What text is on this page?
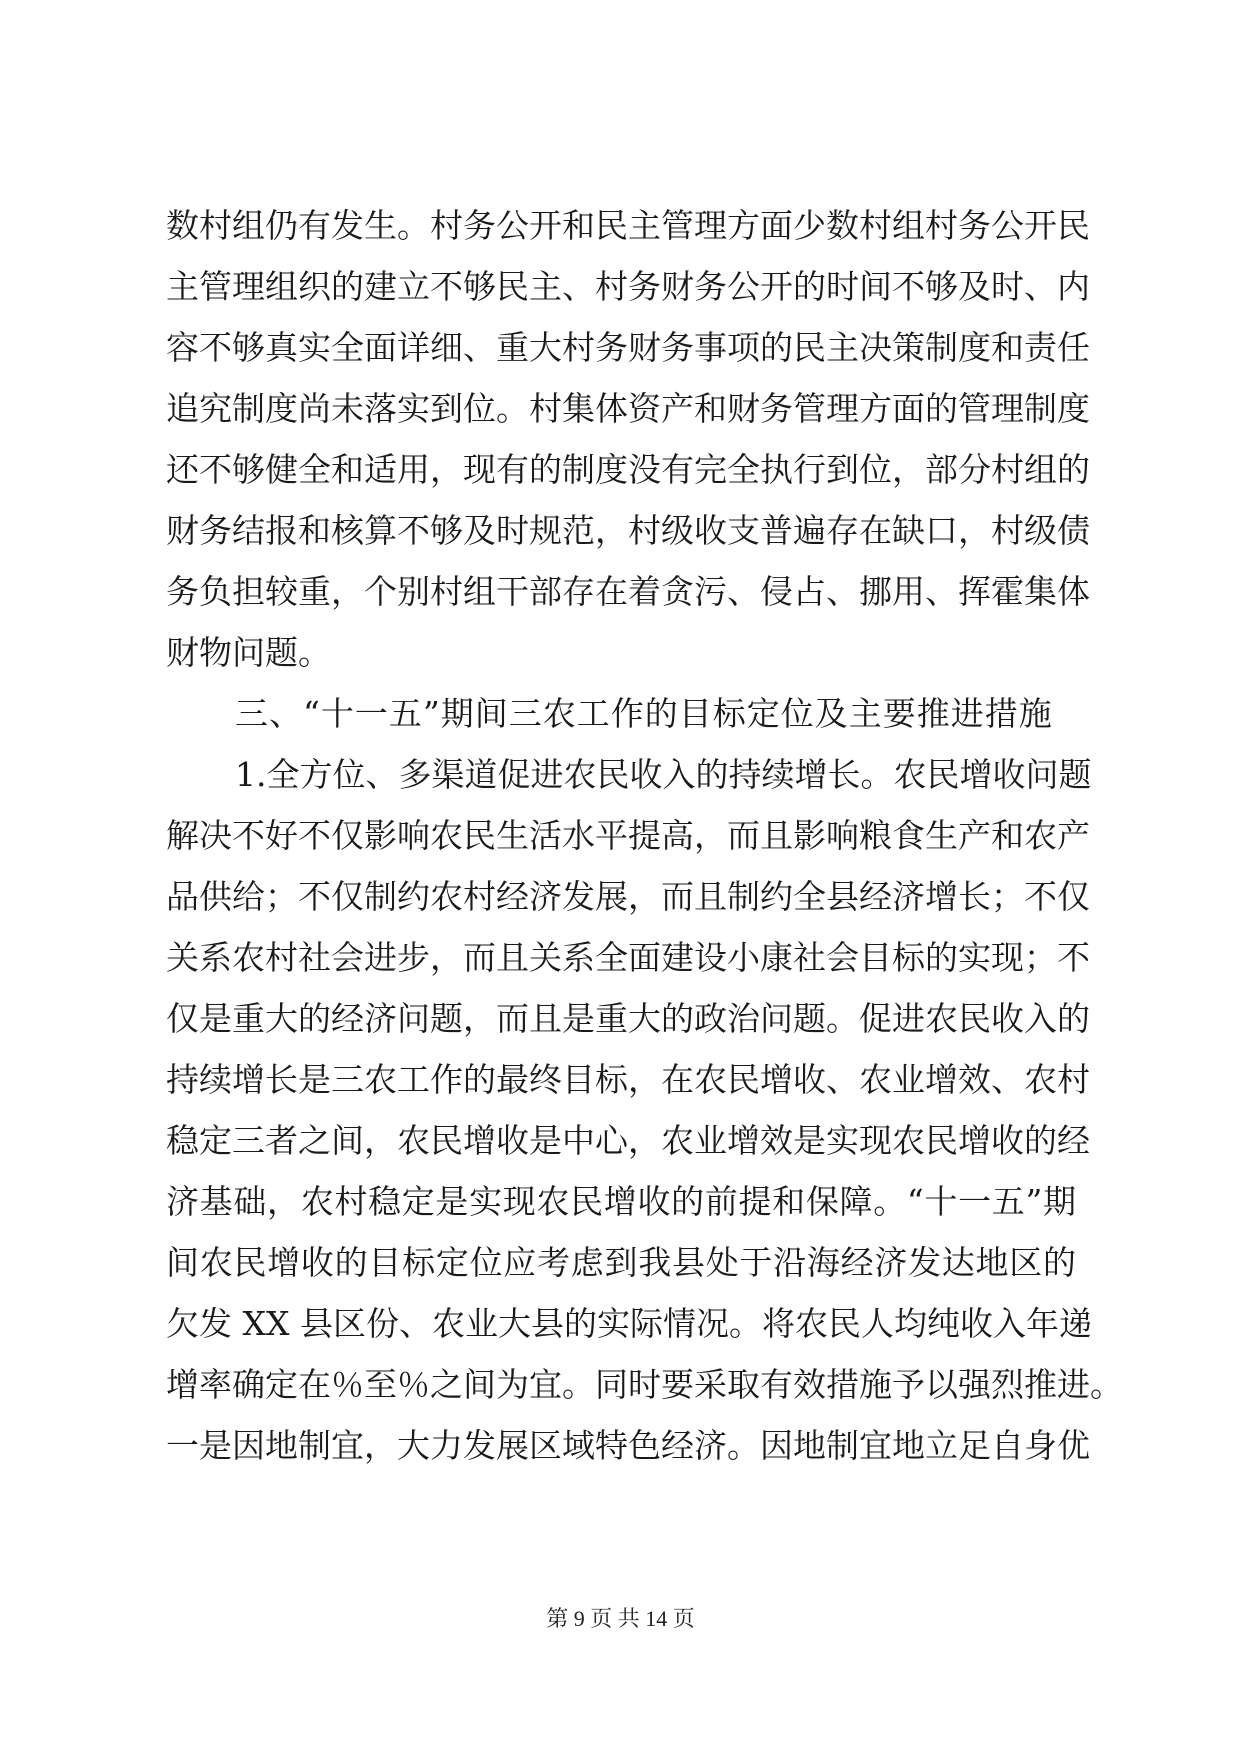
数村组仍有发生。村务公开和民主管理方面少数村组村务公开民
主管理组织的建立不够民主、村务财务公开的时间不够及时、内
容不够真实全面详细、重大村务财务事项的民主决策制度和责任
追究制度尚未落实到位。村集体资产和财务管理方面的管理制度
还不够健全和适用，现有的制度没有完全执行到位，部分村组的
财务结报和核算不够及时规范，村级收支普遍存在缺口，村级债
务负担较重，个别村组干部存在着贪污、侵占、挪用、挥霍集体
财物问题。
三、“十一五”期间三农工作的目标定位及主要推进措施
1.全方位、多渠道促进农民收入的持续增长。农民增收问题
解决不好不仅影响农民生活水平提高，而且影响粮食生产和农产
品供给；不仅制约农村经济发展，而且制约全县经济增长；不仅
关系农村社会进步，而且关系全面建设小康社会目标的实现；不
仅是重大的经济问题，而且是重大的政治问题。促进农民收入的
持续增长是三农工作的最终目标，在农民增收、农业增效、农村
稳定三者之间，农民增收是中心，农业增效是实现农民增收的经
济基础，农村稳定是实现农民增收的前提和保障。“十一五”期
间农民增收的目标定位应考虑到我县处于沿海经济发达地区的
欠发 XX 县区份、农业大县的实际情况。将农民人均纯收入年递
增率确定在％至％之间为宜。同时要采取有效措施予以强烈推进。
一是因地制宜，大力发展区域特色经济。因地制宜地立足自身优
第 9 页 共 14 页
